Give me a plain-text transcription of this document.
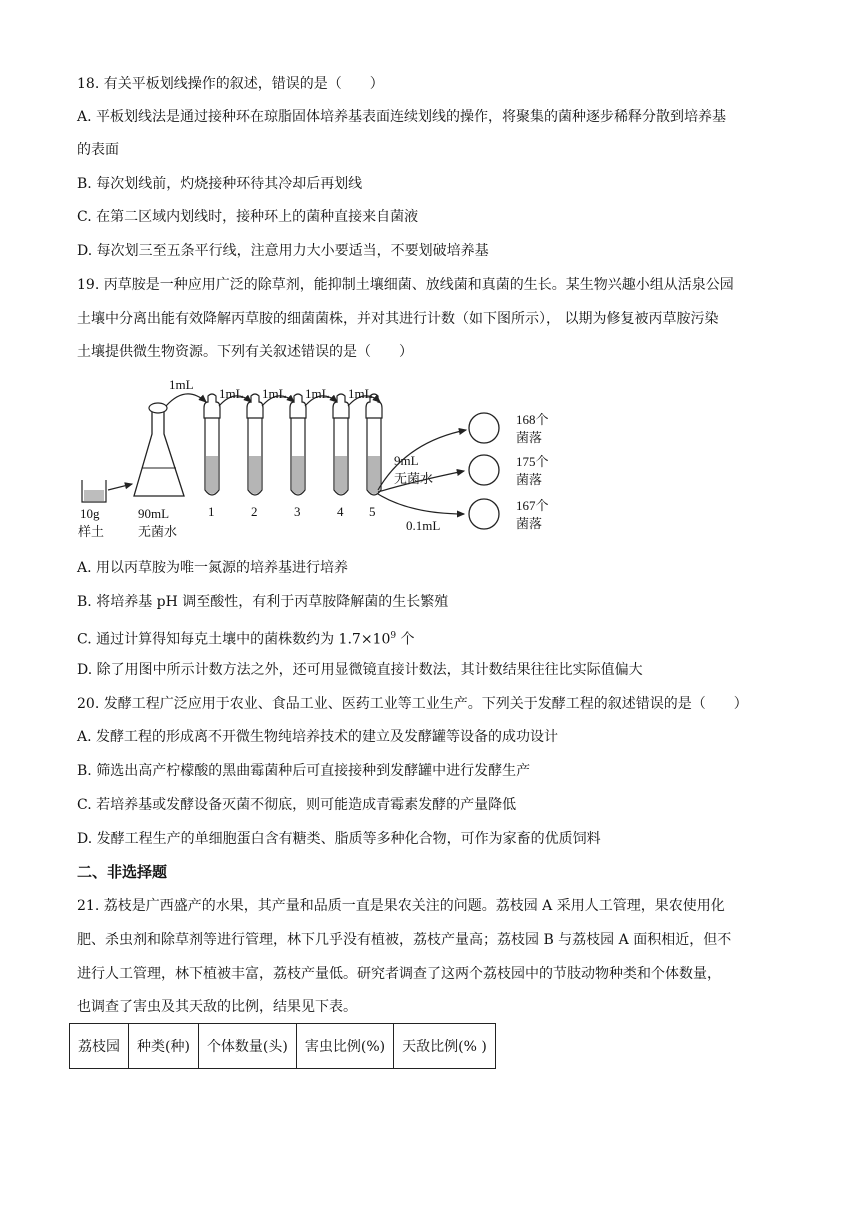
18. 有关平板划线操作的叙述，错误的是（　　）
A. 平板划线法是通过接种环在琼脂固体培养基表面连续划线的操作，将聚集的菌种逐步稀释分散到培养基
的表面
B. 每次划线前，灼烧接种环待其冷却后再划线
C. 在第二区域内划线时，接种环上的菌种直接来自菌液
D. 每次划三至五条平行线，注意用力大小要适当，不要划破培养基
19. 丙草胺是一种应用广泛的除草剂，能抑制土壤细菌、放线菌和真菌的生长。某生物兴趣小组从活泉公园
土壤中分离出能有效降解丙草胺的细菌菌株，并对其进行计数（如下图所示）， 以期为修复被丙草胺污染
土壤提供微生物资源。下列有关叙述错误的是（　　）
10g
样土
90mL
无菌水
1mL
1mL 1mL 1mL 1mL
1	2	3	4 5
9mL
无菌水
0.1mL
168个
菌落
175个
菌落
167个
菌落
A. 用以丙草胺为唯一氮源的培养基进行培养
B. 将培养基 pH 调至酸性，有利于丙草胺降解菌的生长繁殖
C. 通过计算得知每克土壤中的菌株数约为 $1.7\times 10^9$ 个
D. 除了用图中所示计数方法之外，还可用显微镜直接计数法，其计数结果往往比实际值偏大
20. 发酵工程广泛应用于农业、食品工业、医药工业等工业生产。下列关于发酵工程的叙述错误的是（　　）
A. 发酵工程的形成离不开微生物纯培养技术的建立及发酵罐等设备的成功设计
B. 筛选出高产柠檬酸的黑曲霉菌种后可直接接种到发酵罐中进行发酵生产
C. 若培养基或发酵设备灭菌不彻底，则可能造成青霉素发酵的产量降低
D. 发酵工程生产的单细胞蛋白含有糖类、脂质等多种化合物，可作为家畜的优质饲料
二、非选择题
21. 荔枝是广西盛产的水果，其产量和品质一直是果农关注的问题。荔枝园 A 采用人工管理，果农使用化
肥、杀虫剂和除草剂等进行管理，林下几乎没有植被，荔枝产量高；荔枝园 B 与荔枝园 A 面积相近，但不
进行人工管理，林下植被丰富，荔枝产量低。研究者调查了这两个荔枝园中的节肢动物种类和个体数量，
也调查了害虫及其天敌的比例，结果见下表。
荔枝园	种类(种)	个体数量(头)	害虫比例(%)	天敌比例(% )
